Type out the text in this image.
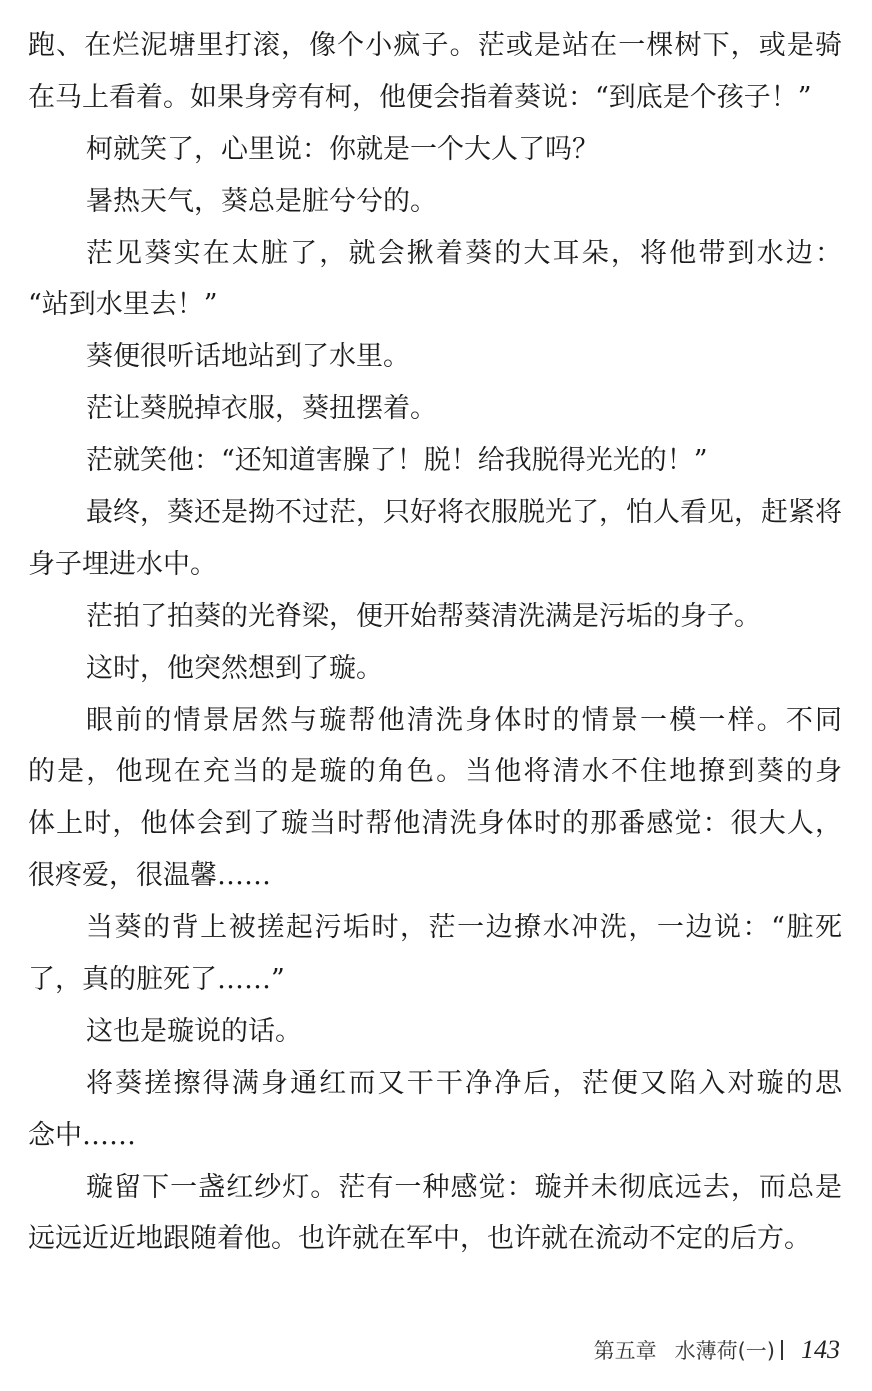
跑、在烂泥塘里打滚，像个小疯子。茫或是站在一棵树下，或是骑
在马上看着。如果身旁有柯，他便会指着葵说：“到底是个孩子！”
柯就笑了，心里说：你就是一个大人了吗？
暑热天气，葵总是脏兮兮的。
茫见葵实在太脏了，就会揪着葵的大耳朵，将他带到水边：
“站到水里去！”
葵便很听话地站到了水里。
茫让葵脱掉衣服，葵扭摆着。
茫就笑他：“还知道害臊了！脱！给我脱得光光的！”
最终，葵还是拗不过茫，只好将衣服脱光了，怕人看见，赶紧将
身子埋进水中。
茫拍了拍葵的光脊梁，便开始帮葵清洗满是污垢的身子。
这时，他突然想到了璇。
眼前的情景居然与璇帮他清洗身体时的情景一模一样。不同
的是，他现在充当的是璇的角色。当他将清水不住地撩到葵的身
体上时，他体会到了璇当时帮他清洗身体时的那番感觉：很大人，
很疼爱，很温馨……
当葵的背上被搓起污垢时，茫一边撩水冲洗，一边说：“脏死
了，真的脏死了……”
这也是璇说的话。
将葵搓擦得满身通红而又干干净净后，茫便又陷入对璇的思
念中……
璇留下一盏红纱灯。茫有一种感觉：璇并未彻底远去，而总是
远远近近地跟随着他。也许就在军中，也许就在流动不定的后方。
第五章 水薄荷(一) 143
